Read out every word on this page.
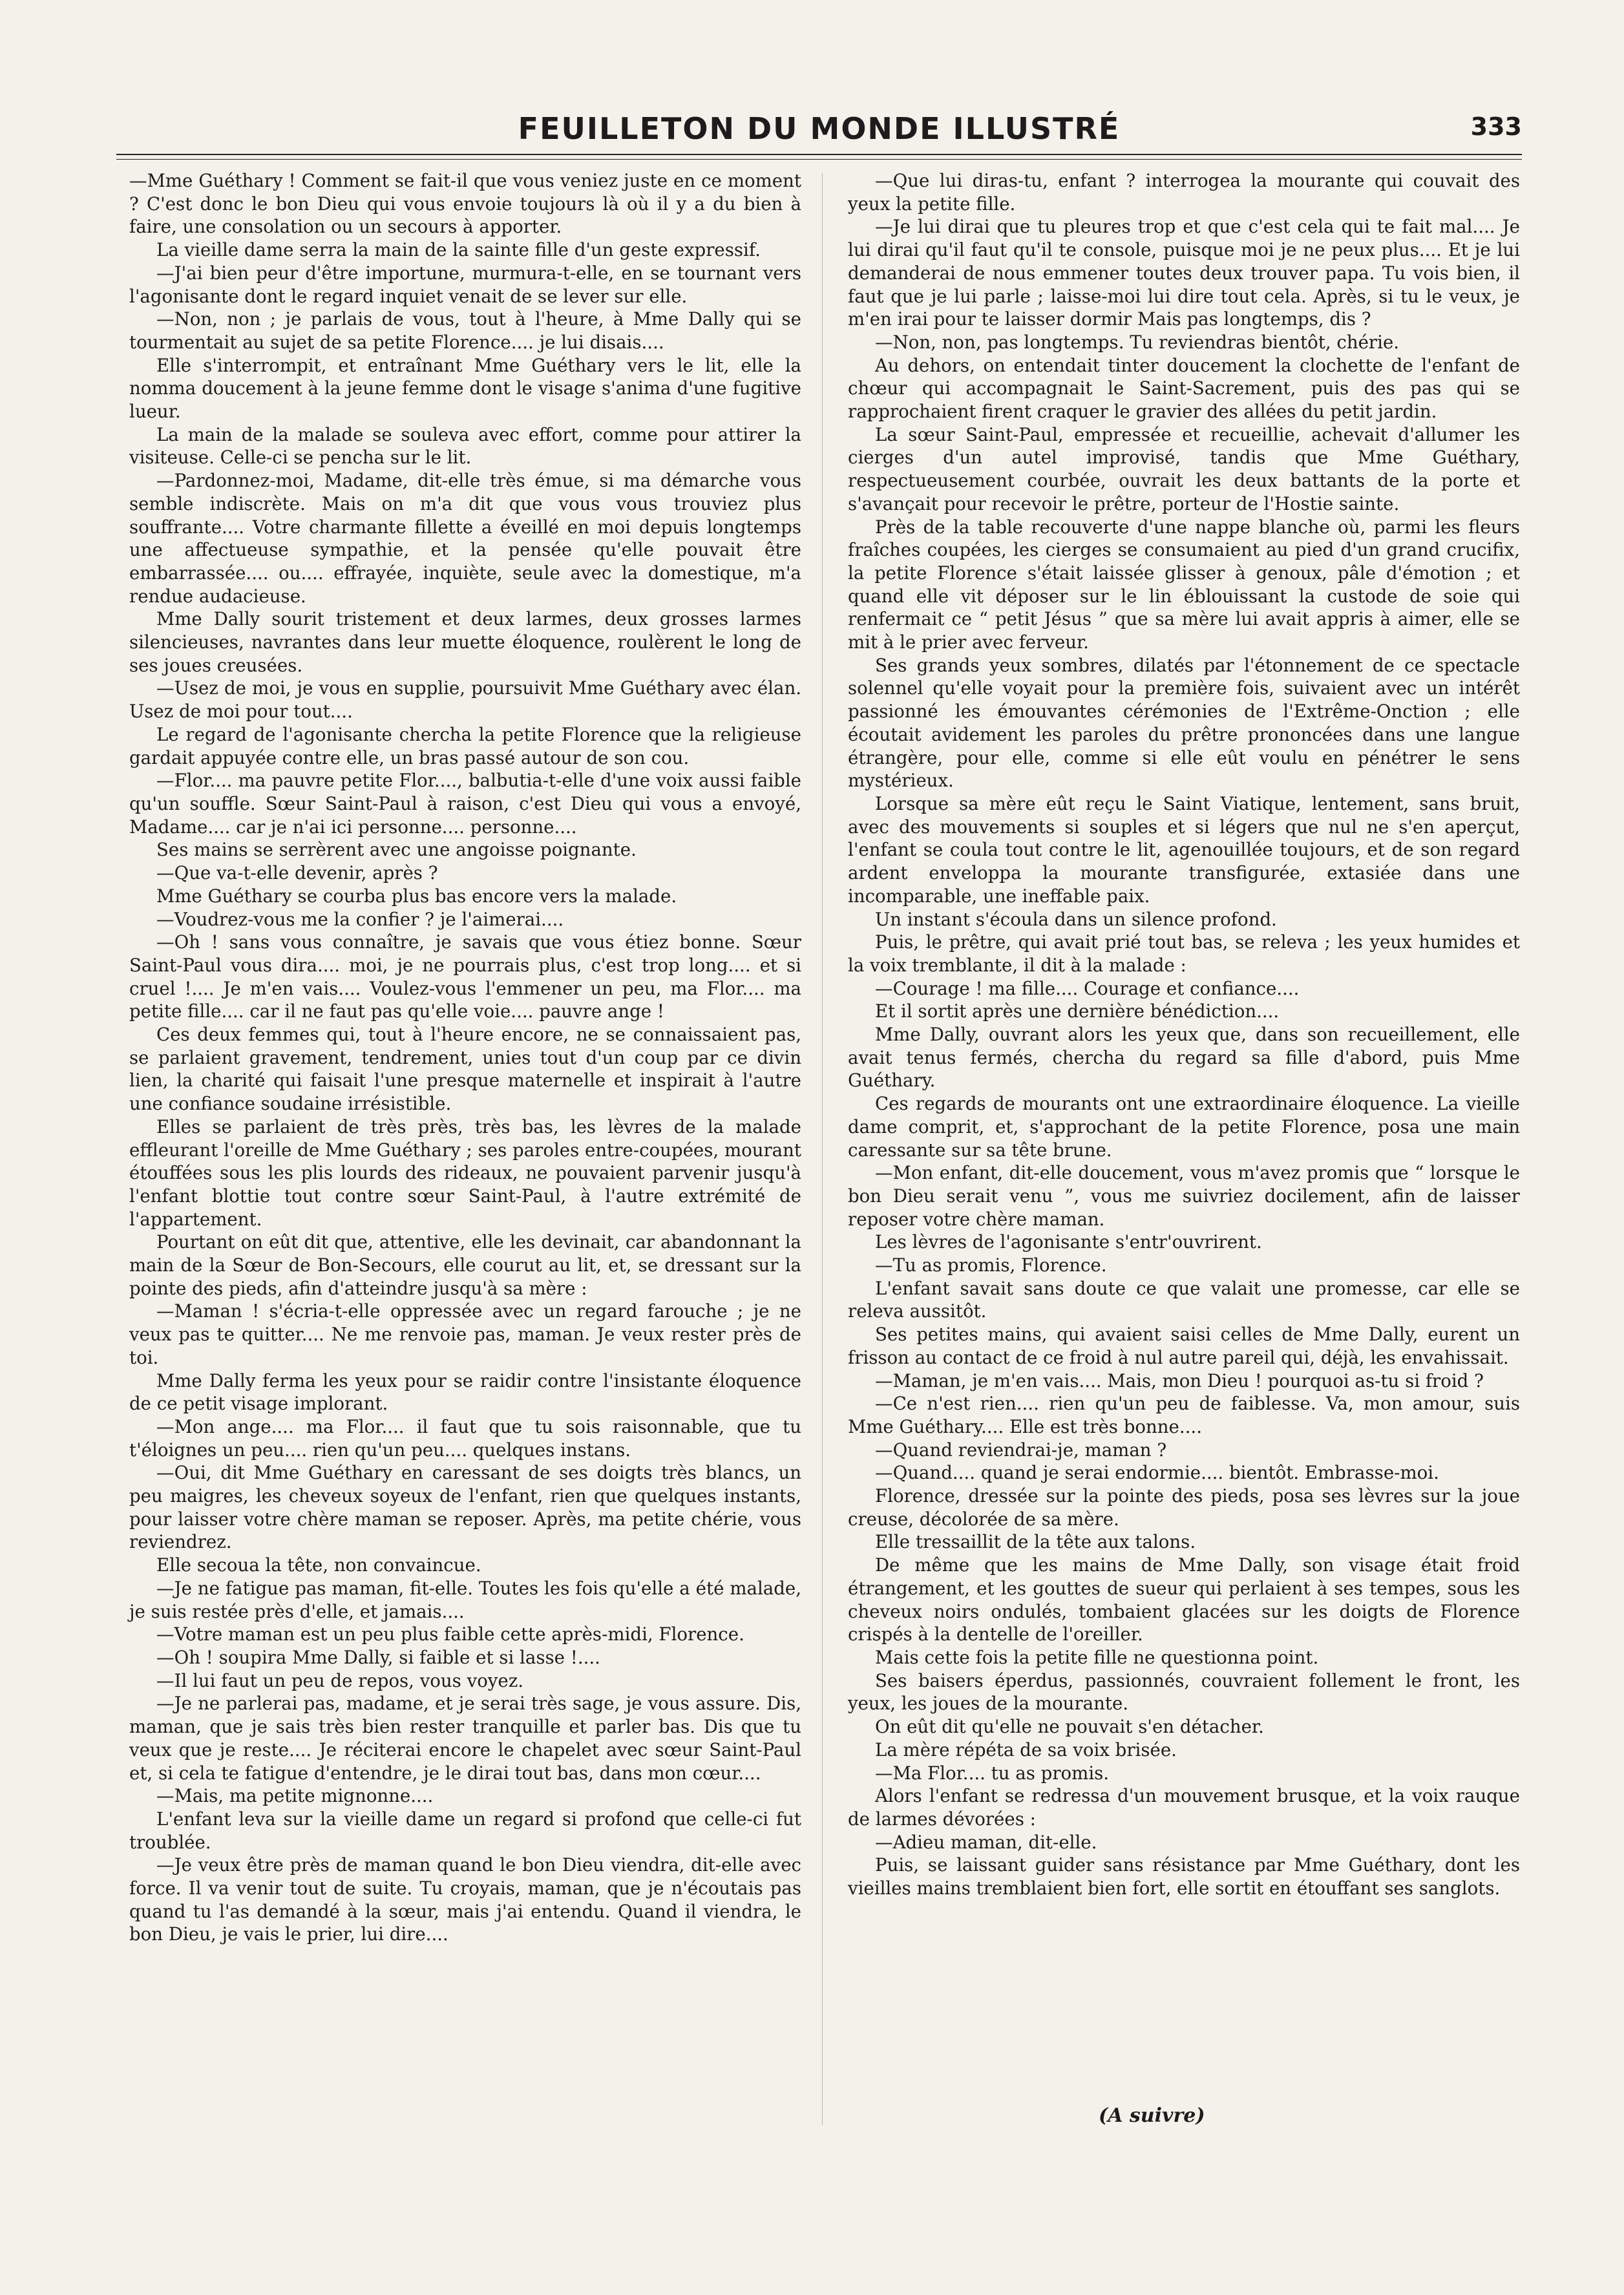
FEUILLETON DU MONDE ILLUSTRÉ	333

—Mme Guéthary ! Comment se fait-il que vous veniez juste en ce moment ? C'est donc le bon Dieu qui vous envoie toujours là où il y a du bien à faire, une consolation ou un secours à apporter.

La vieille dame serra la main de la sainte fille d'un geste expressif.

—J'ai bien peur d'être importune, murmura-t-elle, en se tournant vers l'agonisante dont le regard inquiet venait de se lever sur elle.

—Non, non ; je parlais de vous, tout à l'heure, à Mme Dally qui se tourmentait au sujet de sa petite Florence.... je lui disais....

Elle s'interrompit, et entraînant Mme Guéthary vers le lit, elle la nomma doucement à la jeune femme dont le visage s'anima d'une fugitive lueur.

La main de la malade se souleva avec effort, comme pour attirer la visiteuse. Celle-ci se pencha sur le lit.

—Pardonnez-moi, Madame, dit-elle très émue, si ma démarche vous semble indiscrète. Mais on m'a dit que vous vous trouviez plus souffrante.... Votre charmante fillette a éveillé en moi depuis longtemps une affectueuse sympathie, et la pensée qu'elle pouvait être embarrassée.... ou.... effrayée, inquiète, seule avec la domestique, m'a rendue audacieuse.

Mme Dally sourit tristement et deux larmes, deux grosses larmes silencieuses, navrantes dans leur muette éloquence, roulèrent le long de ses joues creusées.

—Usez de moi, je vous en supplie, poursuivit Mme Guéthary avec élan. Usez de moi pour tout....

Le regard de l'agonisante chercha la petite Florence que la religieuse gardait appuyée contre elle, un bras passé autour de son cou.

—Flor.... ma pauvre petite Flor...., balbutia-t-elle d'une voix aussi faible qu'un souffle. Sœur Saint-Paul à raison, c'est Dieu qui vous a envoyé, Madame.... car je n'ai ici personne.... personne....

Ses mains se serrèrent avec une angoisse poignante.

—Que va-t-elle devenir, après ?

Mme Guéthary se courba plus bas encore vers la malade.

—Voudrez-vous me la confier ? je l'aimerai....

—Oh ! sans vous connaître, je savais que vous étiez bonne. Sœur Saint-Paul vous dira.... moi, je ne pourrais plus, c'est trop long.... et si cruel !.... Je m'en vais.... Voulez-vous l'emmener un peu, ma Flor.... ma petite fille.... car il ne faut pas qu'elle voie.... pauvre ange !

Ces deux femmes qui, tout à l'heure encore, ne se connaissaient pas, se parlaient gravement, tendrement, unies tout d'un coup par ce divin lien, la charité qui faisait l'une presque maternelle et inspirait à l'autre une confiance soudaine irrésistible.

Elles se parlaient de très près, très bas, les lèvres de la malade effleurant l'oreille de Mme Guéthary ; ses paroles entre-coupées, mourant étouffées sous les plis lourds des rideaux, ne pouvaient parvenir jusqu'à l'enfant blottie tout contre sœur Saint-Paul, à l'autre extrémité de l'appartement.

Pourtant on eût dit que, attentive, elle les devinait, car abandonnant la main de la Sœur de Bon-Secours, elle courut au lit, et, se dressant sur la pointe des pieds, afin d'atteindre jusqu'à sa mère :

—Maman ! s'écria-t-elle oppressée avec un regard farouche ; je ne veux pas te quitter.... Ne me renvoie pas, maman. Je veux rester près de toi.

Mme Dally ferma les yeux pour se raidir contre l'insistante éloquence de ce petit visage implorant.

—Mon ange.... ma Flor.... il faut que tu sois raisonnable, que tu t'éloignes un peu.... rien qu'un peu.... quelques instans.

—Oui, dit Mme Guéthary en caressant de ses doigts très blancs, un peu maigres, les cheveux soyeux de l'enfant, rien que quelques instants, pour laisser votre chère maman se reposer. Après, ma petite chérie, vous reviendrez.

Elle secoua la tête, non convaincue.

—Je ne fatigue pas maman, fit-elle. Toutes les fois qu'elle a été malade, je suis restée près d'elle, et jamais....

—Votre maman est un peu plus faible cette après-midi, Florence.

—Oh ! soupira Mme Dally, si faible et si lasse !....

—Il lui faut un peu de repos, vous voyez.

—Je ne parlerai pas, madame, et je serai très sage, je vous assure. Dis, maman, que je sais très bien rester tranquille et parler bas. Dis que tu veux que je reste.... Je réciterai encore le chapelet avec sœur Saint-Paul et, si cela te fatigue d'entendre, je le dirai tout bas, dans mon cœur....

—Mais, ma petite mignonne....

L'enfant leva sur la vieille dame un regard si profond que celle-ci fut troublée.

—Je veux être près de maman quand le bon Dieu viendra, dit-elle avec force. Il va venir tout de suite. Tu croyais, maman, que je n'écoutais pas quand tu l'as demandé à la sœur, mais j'ai entendu. Quand il viendra, le bon Dieu, je vais le prier, lui dire....

—Que lui diras-tu, enfant ? interrogea la mourante qui couvait des yeux la petite fille.

—Je lui dirai que tu pleures trop et que c'est cela qui te fait mal.... Je lui dirai qu'il faut qu'il te console, puisque moi je ne peux plus.... Et je lui demanderai de nous emmener toutes deux trouver papa. Tu vois bien, il faut que je lui parle ; laisse-moi lui dire tout cela. Après, si tu le veux, je m'en irai pour te laisser dormir Mais pas longtemps, dis ?

—Non, non, pas longtemps. Tu reviendras bientôt, chérie.

Au dehors, on entendait tinter doucement la clochette de l'enfant de chœur qui accompagnait le Saint-Sacrement, puis des pas qui se rapprochaient firent craquer le gravier des allées du petit jardin.

La sœur Saint-Paul, empressée et recueillie, achevait d'allumer les cierges d'un autel improvisé, tandis que Mme Guéthary, respectueusement courbée, ouvrait les deux battants de la porte et s'avançait pour recevoir le prêtre, porteur de l'Hostie sainte.

Près de la table recouverte d'une nappe blanche où, parmi les fleurs fraîches coupées, les cierges se consumaient au pied d'un grand crucifix, la petite Florence s'était laissée glisser à genoux, pâle d'émotion ; et quand elle vit déposer sur le lin éblouissant la custode de soie qui renfermait ce “ petit Jésus ” que sa mère lui avait appris à aimer, elle se mit à le prier avec ferveur.

Ses grands yeux sombres, dilatés par l'étonnement de ce spectacle solennel qu'elle voyait pour la première fois, suivaient avec un intérêt passionné les émouvantes cérémonies de l'Extrême-Onction ; elle écoutait avidement les paroles du prêtre prononcées dans une langue étrangère, pour elle, comme si elle eût voulu en pénétrer le sens mystérieux.

Lorsque sa mère eût reçu le Saint Viatique, lentement, sans bruit, avec des mouvements si souples et si légers que nul ne s'en aperçut, l'enfant se coula tout contre le lit, agenouillée toujours, et de son regard ardent enveloppa la mourante transfigurée, extasiée dans une incomparable, une ineffable paix.

Un instant s'écoula dans un silence profond.

Puis, le prêtre, qui avait prié tout bas, se releva ; les yeux humides et la voix tremblante, il dit à la malade :

—Courage ! ma fille.... Courage et confiance....

Et il sortit après une dernière bénédiction....

Mme Dally, ouvrant alors les yeux que, dans son recueillement, elle avait tenus fermés, chercha du regard sa fille d'abord, puis Mme Guéthary.

Ces regards de mourants ont une extraordinaire éloquence. La vieille dame comprit, et, s'approchant de la petite Florence, posa une main caressante sur sa tête brune.

—Mon enfant, dit-elle doucement, vous m'avez promis que “ lorsque le bon Dieu serait venu ”, vous me suivriez docilement, afin de laisser reposer votre chère maman.

Les lèvres de l'agonisante s'entr'ouvrirent.

—Tu as promis, Florence.

L'enfant savait sans doute ce que valait une promesse, car elle se releva aussitôt.

Ses petites mains, qui avaient saisi celles de Mme Dally, eurent un frisson au contact de ce froid à nul autre pareil qui, déjà, les envahissait.

—Maman, je m'en vais.... Mais, mon Dieu ! pourquoi as-tu si froid ?

—Ce n'est rien.... rien qu'un peu de faiblesse. Va, mon amour, suis Mme Guéthary.... Elle est très bonne....

—Quand reviendrai-je, maman ?

—Quand.... quand je serai endormie.... bientôt. Embrasse-moi.

Florence, dressée sur la pointe des pieds, posa ses lèvres sur la joue creuse, décolorée de sa mère.

Elle tressaillit de la tête aux talons.

De même que les mains de Mme Dally, son visage était froid étrangement, et les gouttes de sueur qui perlaient à ses tempes, sous les cheveux noirs ondulés, tombaient glacées sur les doigts de Florence crispés à la dentelle de l'oreiller.

Mais cette fois la petite fille ne questionna point.

Ses baisers éperdus, passionnés, couvraient follement le front, les yeux, les joues de la mourante.

On eût dit qu'elle ne pouvait s'en détacher.

La mère répéta de sa voix brisée.

—Ma Flor.... tu as promis.

Alors l'enfant se redressa d'un mouvement brusque, et la voix rauque de larmes dévorées :

—Adieu maman, dit-elle.

Puis, se laissant guider sans résistance par Mme Guéthary, dont les vieilles mains tremblaient bien fort, elle sortit en étouffant ses sanglots.

(A suivre)
